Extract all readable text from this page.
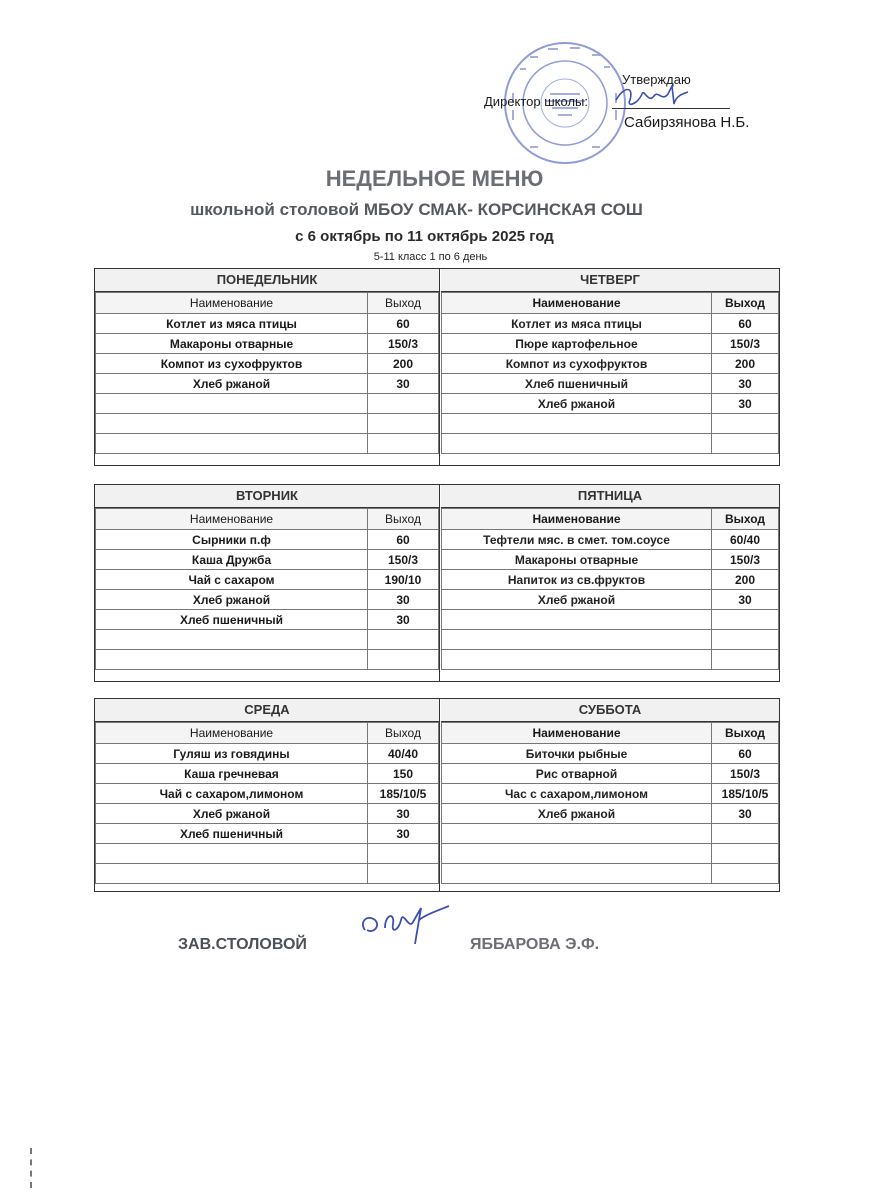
Утверждаю
Директор школы:
Сабирзянова Н.Б.
НЕДЕЛЬНОЕ МЕНЮ
школьной столовой МБОУ СМАК- КОРСИНСКАЯ СОШ
с 6 октябрь по 11 октябрь 2025 год
5-11 класс 1 по 6 день
ПОНЕДЕЛЬНИК
Наименование	Выход
Котлет из мяса птицы	60
Макароны отварные	150/3
Компот из сухофруктов	200
Хлеб ржаной	30

ЧЕТВЕРГ
Наименование	Выход
Котлет из мяса птицы	60
Пюре картофельное	150/3
Компот из сухофруктов	200
Хлеб пшеничный	30
Хлеб ржаной	30

ВТОРНИК
Наименование	Выход
Сырники п.ф	60
Каша Дружба	150/3
Чай с сахаром	190/10
Хлеб ржаной	30
Хлеб пшеничный	30

ПЯТНИЦА
Наименование	Выход
Тефтели мяс. в смет. том.соусе	60/40
Макароны отварные	150/3
Напиток из св.фруктов	200
Хлеб ржаной	30

СРЕДА
Наименование	Выход
Гуляш из говядины	40/40
Каша гречневая	150
Чай с сахаром,лимоном	185/10/5
Хлеб ржаной	30
Хлеб пшеничный	30

СУББОТА
Наименование	Выход
Биточки рыбные	60
Рис отварной	150/3
Час с сахаром,лимоном	185/10/5
Хлеб ржаной	30

ЗАВ.СТОЛОВОЙ	ЯББАРОВА Э.Ф.
